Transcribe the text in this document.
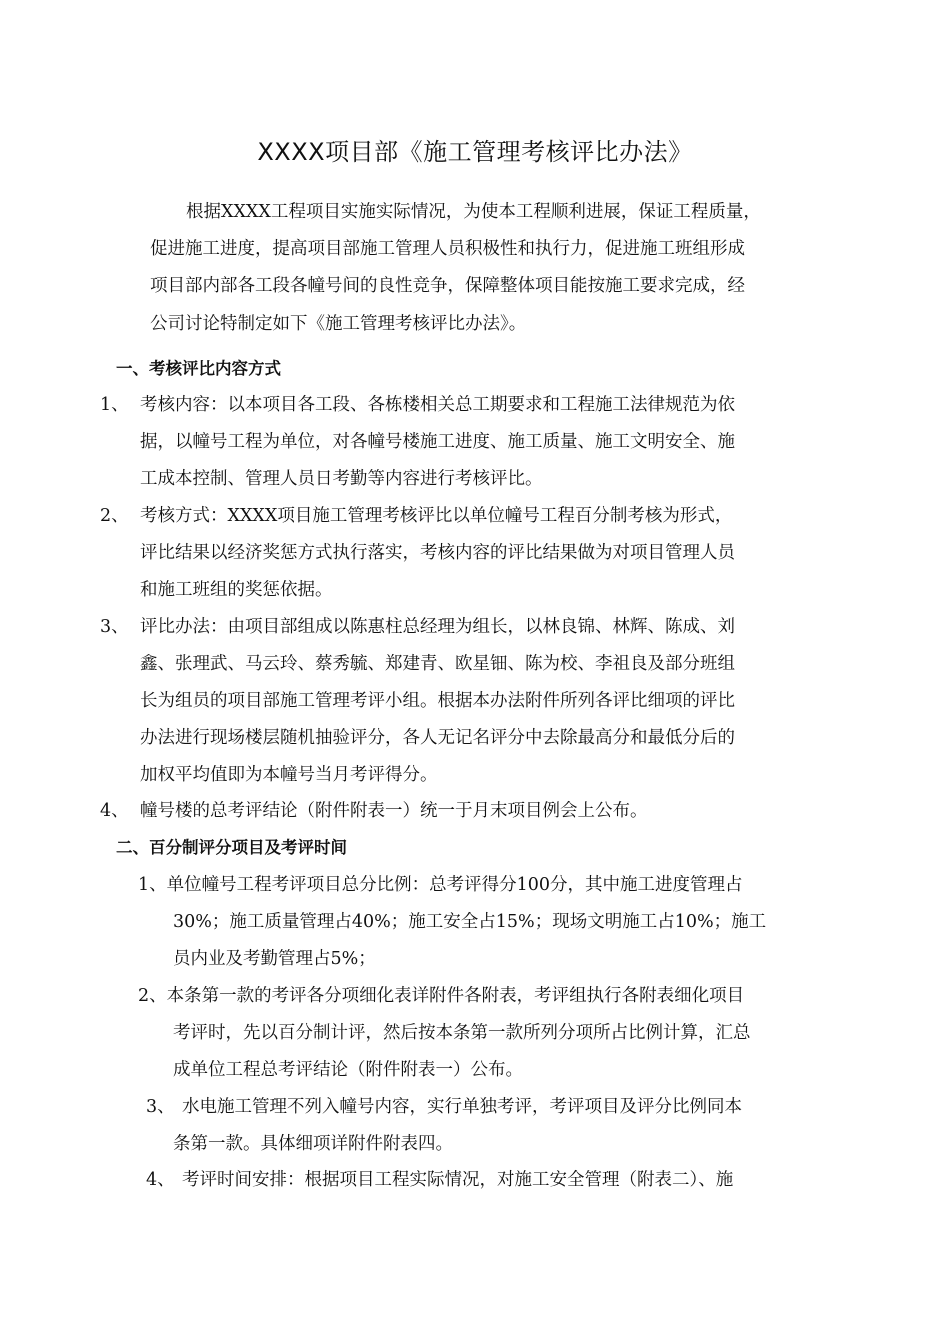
XXXX项目部《施工管理考核评比办法》
根据XXXX工程项目实施实际情况，为使本工程顺利进展，保证工程质量，
促进施工进度，提高项目部施工管理人员积极性和执行力，促进施工班组形成
项目部内部各工段各幢号间的良性竞争，保障整体项目能按施工要求完成，经
公司讨论特制定如下《施工管理考核评比办法》。
一、考核评比内容方式
1、 考核内容：以本项目各工段、各栋楼相关总工期要求和工程施工法律规范为依
据，以幢号工程为单位，对各幢号楼施工进度、施工质量、施工文明安全、施
工成本控制、管理人员日考勤等内容进行考核评比。
2、 考核方式：XXXX项目施工管理考核评比以单位幢号工程百分制考核为形式，
评比结果以经济奖惩方式执行落实，考核内容的评比结果做为对项目管理人员
和施工班组的奖惩依据。
3、 评比办法：由项目部组成以陈惠柱总经理为组长，以林良锦、林辉、陈成、刘
鑫、张理武、马云玲、蔡秀毓、郑建青、欧星钿、陈为校、李祖良及部分班组
长为组员的项目部施工管理考评小组。根据本办法附件所列各评比细项的评比
办法进行现场楼层随机抽验评分，各人无记名评分中去除最高分和最低分后的
加权平均值即为本幢号当月考评得分。
4、 幢号楼的总考评结论（附件附表一）统一于月末项目例会上公布。
二、百分制评分项目及考评时间
1、单位幢号工程考评项目总分比例：总考评得分100分，其中施工进度管理占
30%；施工质量管理占40%；施工安全占15%；现场文明施工占10%；施工
员内业及考勤管理占5%；
2、本条第一款的考评各分项细化表详附件各附表，考评组执行各附表细化项目
考评时，先以百分制计评，然后按本条第一款所列分项所占比例计算，汇总
成单位工程总考评结论（附件附表一）公布。
3、 水电施工管理不列入幢号内容，实行单独考评，考评项目及评分比例同本
条第一款。具体细项详附件附表四。
4、 考评时间安排：根据项目工程实际情况，对施工安全管理（附表二）、施
